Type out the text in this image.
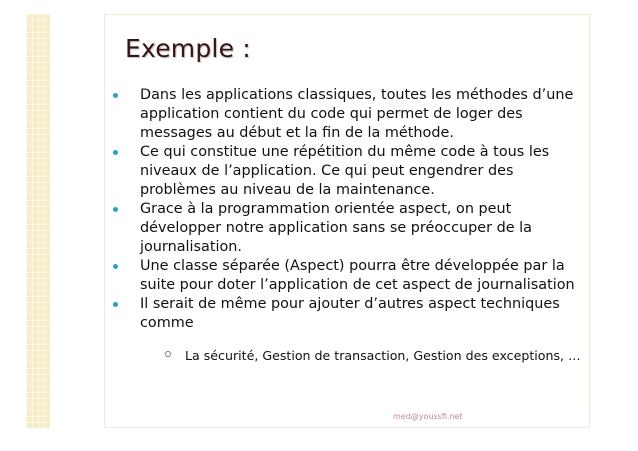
Exemple :
Dans les applications classiques, toutes les méthodes d’une application contient du code qui permet de loger des messages au début et la fin de la méthode.
Ce qui constitue une répétition du même code à tous les niveaux de l’application. Ce qui peut engendrer des problèmes au niveau de la maintenance.
Grace à la programmation orientée aspect, on peut développer notre application sans se préoccuper de la journalisation.
Une classe séparée (Aspect) pourra être développée par la suite pour doter l’application de cet aspect de journalisation
Il serait de même pour ajouter d’autres aspect techniques comme
La sécurité, Gestion de transaction, Gestion des exceptions, …
med@youssfi.net
